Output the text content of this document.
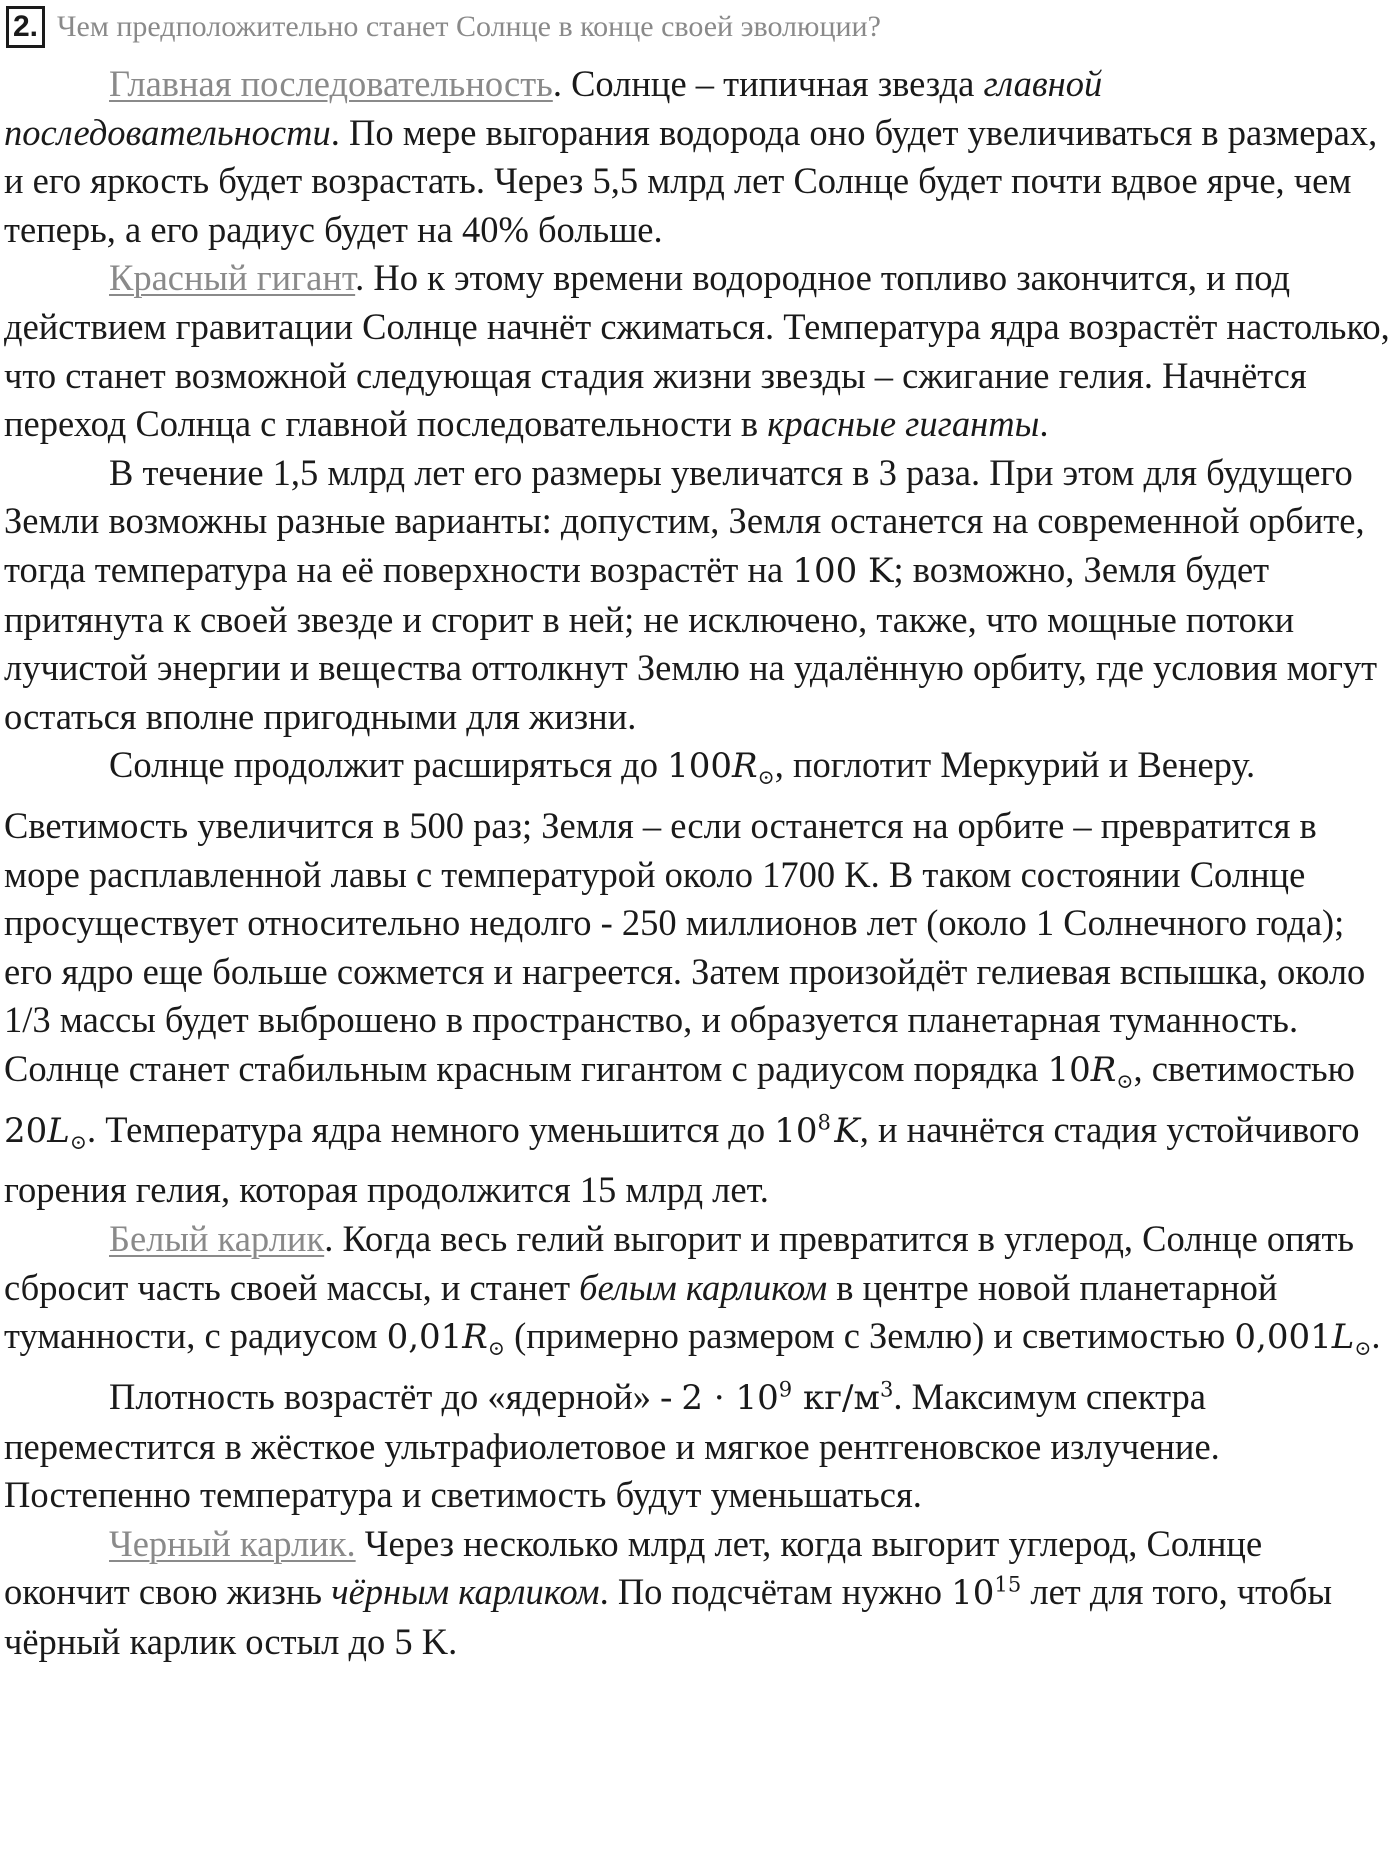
2. Чем предположительно станет Солнце в конце своей эволюции?

Главная последовательность. Солнце – типичная звезда главной последовательности. По мере выгорания водорода оно будет увеличиваться в размерах, и его яркость будет возрастать. Через 5,5 млрд лет Солнце будет почти вдвое ярче, чем теперь, а его радиус будет на 40% больше.

Красный гигант. Но к этому времени водородное топливо закончится, и под действием гравитации Солнце начнёт сжиматься. Температура ядра возрастёт настолько, что станет возможной следующая стадия жизни звезды – сжигание гелия. Начнётся переход Солнца с главной последовательности в красные гиганты.

В течение 1,5 млрд лет его размеры увеличатся в 3 раза. При этом для будущего Земли возможны разные варианты: допустим, Земля останется на современной орбите, тогда температура на её поверхности возрастёт на 100 K; возможно, Земля будет притянута к своей звезде и сгорит в ней; не исключено, также, что мощные потоки лучистой энергии и вещества оттолкнут Землю на удалённую орбиту, где условия могут остаться вполне пригодными для жизни.

Солнце продолжит расширяться до $100R_⊙$, поглотит Меркурий и Венеру. Светимость увеличится в 500 раз; Земля – если останется на орбите – превратится в море расплавленной лавы с температурой около 1700 K. В таком состоянии Солнце просуществует относительно недолго - 250 миллионов лет (около 1 Солнечного года); его ядро еще больше сожмется и нагреется. Затем произойдёт гелиевая вспышка, около 1/3 массы будет выброшено в пространство, и образуется планетарная туманность. Солнце станет стабильным красным гигантом с радиусом порядка $10R_⊙$, светимостью $20L_⊙$. Температура ядра немного уменьшится до $10^8$ K, и начнётся стадия устойчивого горения гелия, которая продолжится 15 млрд лет.

Белый карлик. Когда весь гелий выгорит и превратится в углерод, Солнце опять сбросит часть своей массы, и станет белым карликом в центре новой планетарной туманности, с радиусом $0,01R_⊙$ (примерно размером с Землю) и светимостью $0,001L_⊙$.

Плотность возрастёт до «ядерной» - $2 \cdot 10^9$ $кг/м^3$. Максимум спектра переместится в жёсткое ультрафиолетовое и мягкое рентгеновское излучение. Постепенно температура и светимость будут уменьшаться.

Черный карлик. Через несколько млрд лет, когда выгорит углерод, Солнце окончит свою жизнь чёрным карликом. По подсчётам нужно $10^{15}$ лет для того, чтобы чёрный карлик остыл до 5 K.
